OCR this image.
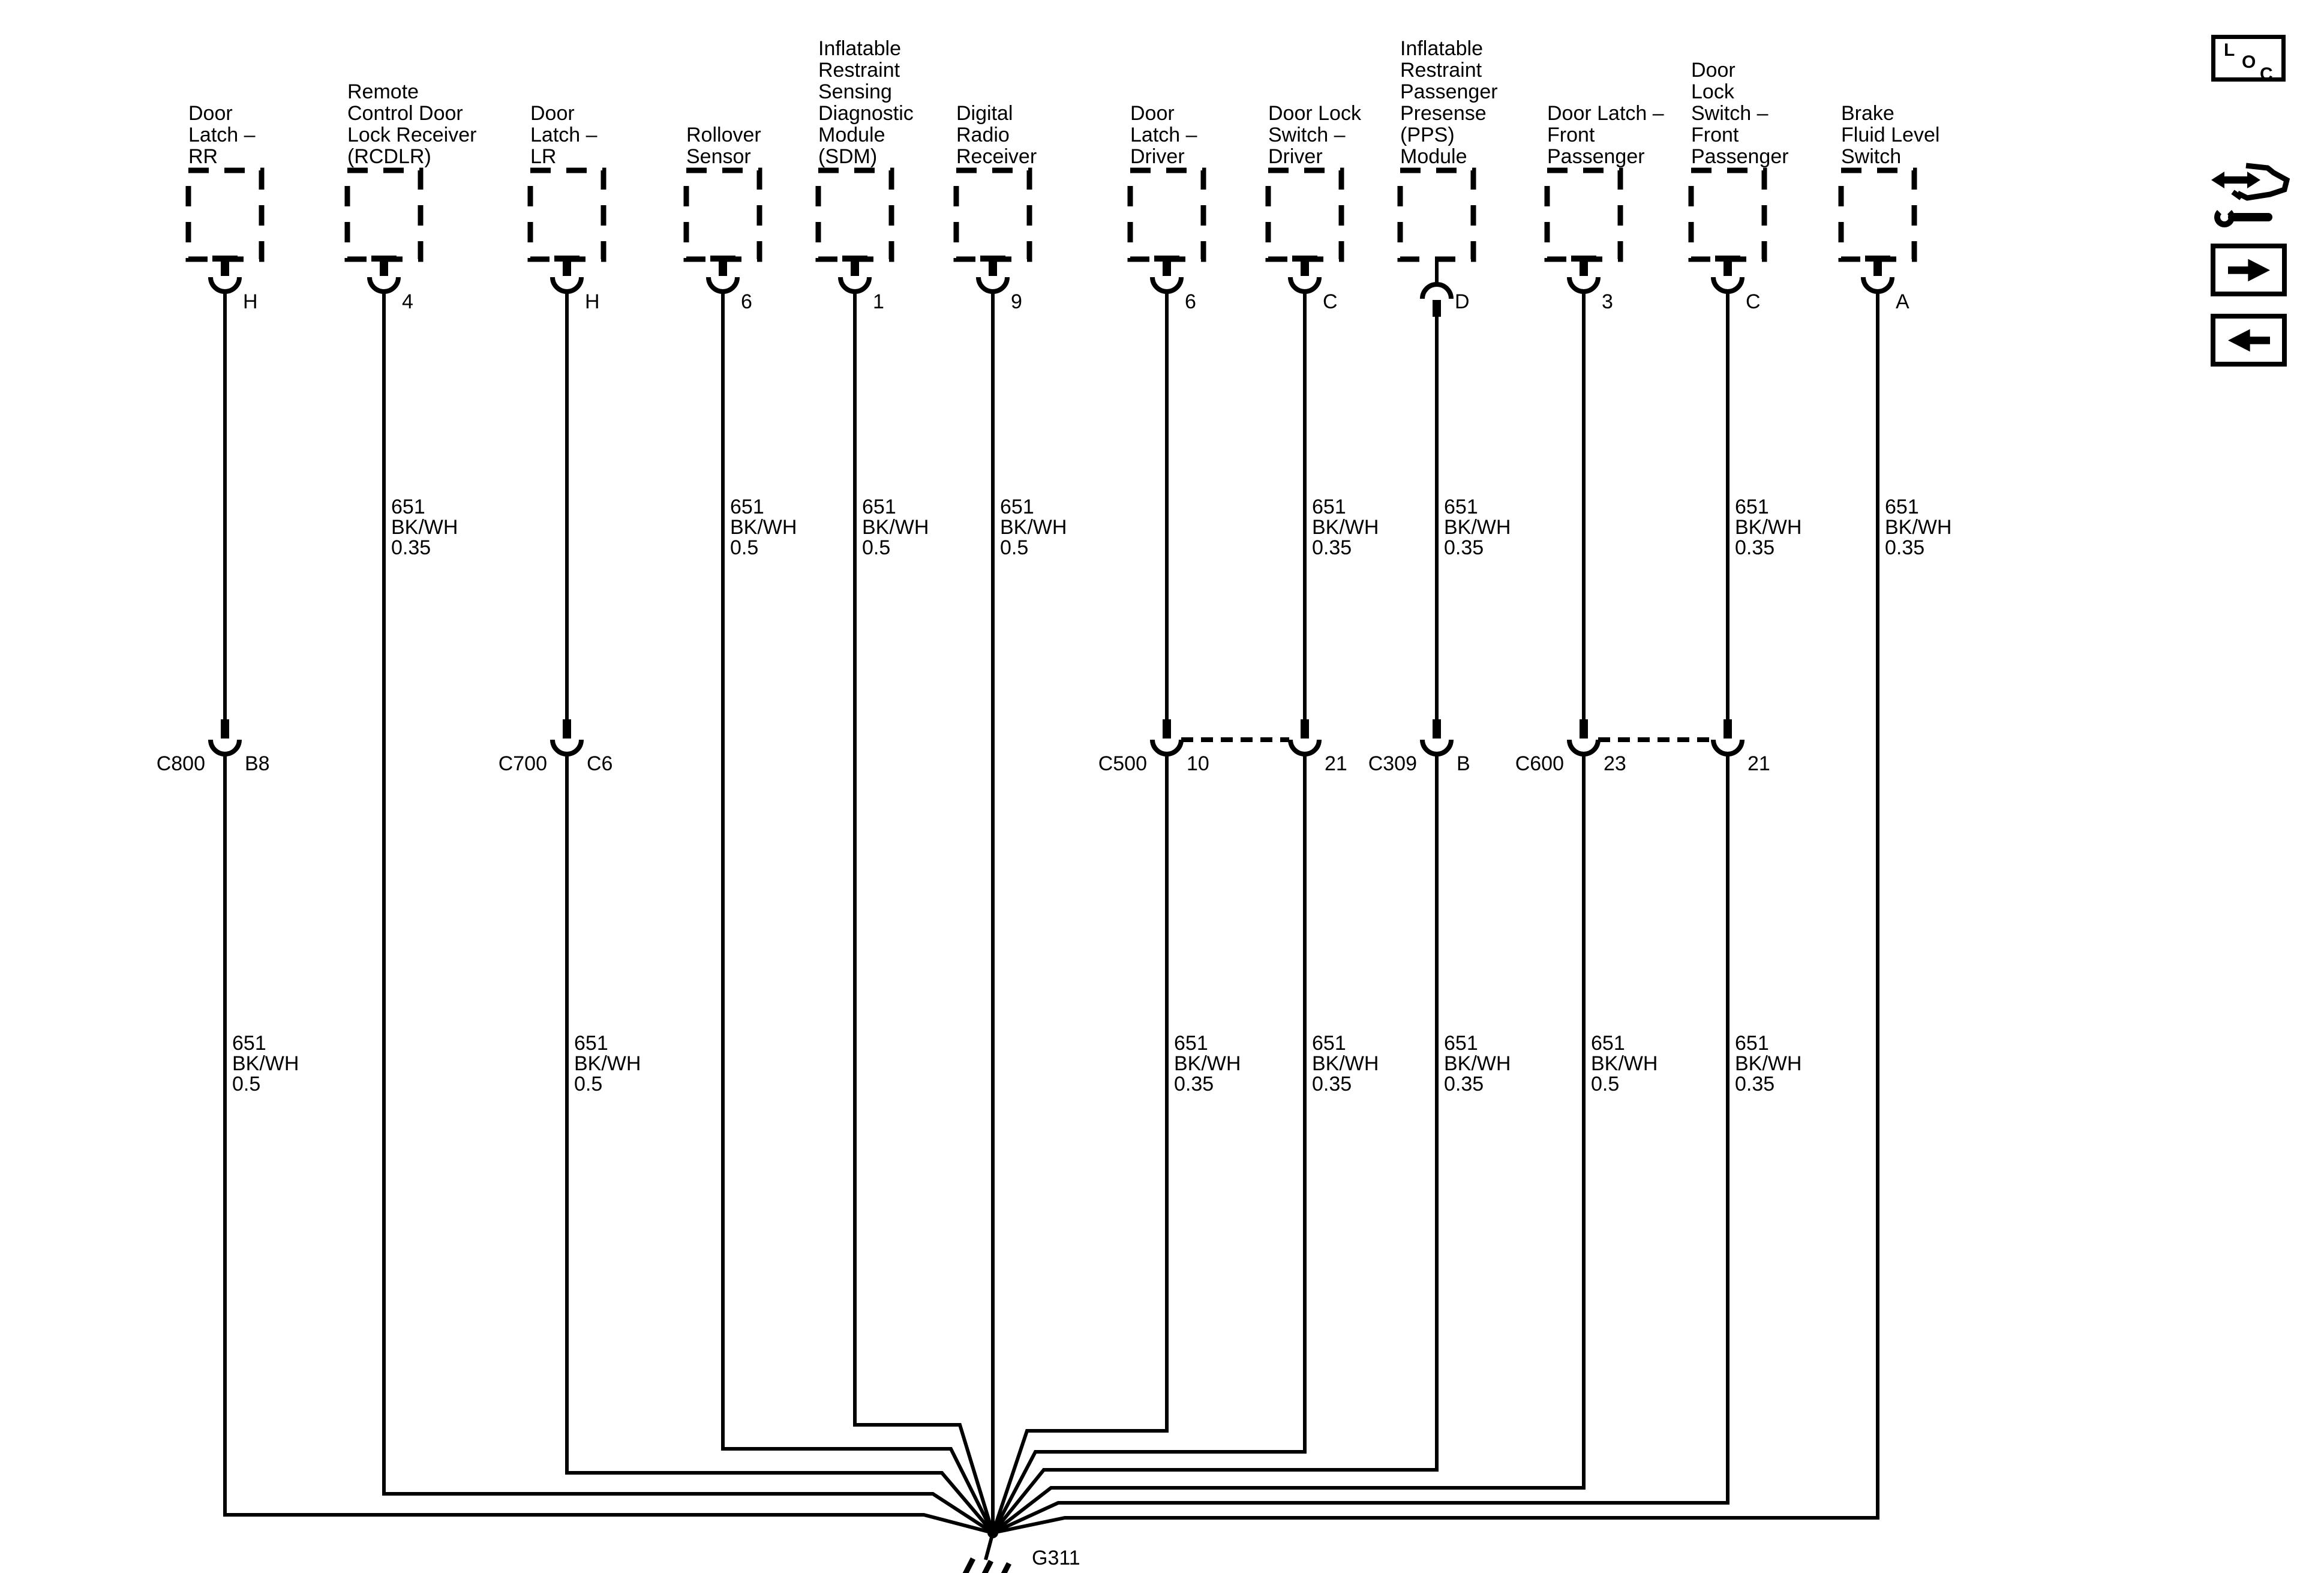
Door
Latch –
RR
H
C800 B8
651
BK/WH
0.5
Remote
Control Door
Lock Receiver
(RCDLR)
4
651
BK/WH
0.35
Door
Latch –
LR
H
C700 C6
651
BK/WH
0.5
Rollover
Sensor
6
651
BK/WH
0.5
Inflatable
Restraint
Sensing
Diagnostic
Module
(SDM)
1
651
BK/WH
0.5
Digital
Radio
Receiver
9
651
BK/WH
0.5
Door
Latch –
Driver
6
C500 10
651
BK/WH
0.35
Door Lock
Switch –
Driver
C
651
BK/WH
0.35
21
651
BK/WH
0.35
Inflatable
Restraint
Passenger
Presense
(PPS)
Module
D
651
BK/WH
0.35
C309 B
651
BK/WH
0.35
Door Latch –
Front
Passenger
3
C600 23
651
BK/WH
0.5
Door
Lock
Switch –
Front
Passenger
C
651
BK/WH
0.35
21
651
BK/WH
0.35
Brake
Fluid Level
Switch
A
651
BK/WH
0.35
G311
L
O
C
